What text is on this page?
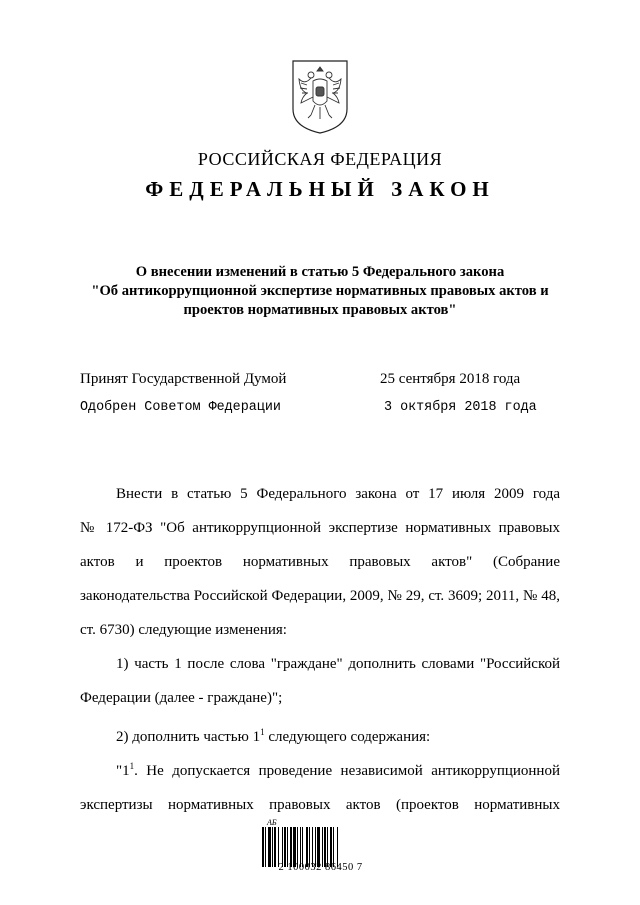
РОССИЙСКАЯ ФЕДЕРАЦИЯ
ФЕДЕРАЛЬНЫЙ ЗАКОН
О внесении изменений в статью 5 Федерального закона
"Об антикоррупционной экспертизе нормативных правовых актов и
проектов нормативных правовых актов"
Принят Государственной Думой	25 сентября 2018 года
Одобрен Советом Федерации	3 октября 2018 года
Внести в статью 5 Федерального закона от 17 июля 2009 года
№ 172-ФЗ "Об антикоррупционной экспертизе нормативных правовых
актов и проектов нормативных правовых актов" (Собрание
законодательства Российской Федерации, 2009, № 29, ст. 3609; 2011, № 48,
ст. 6730) следующие изменения:
1) часть 1 после слова "граждане" дополнить словами "Российской
Федерации (далее - граждане)";
2) дополнить частью $1^1$ следующего содержания:
"$1^1$. Не допускается проведение независимой антикоррупционной
экспертизы нормативных правовых актов (проектов нормативных
АБ
2 100032 86450 7
